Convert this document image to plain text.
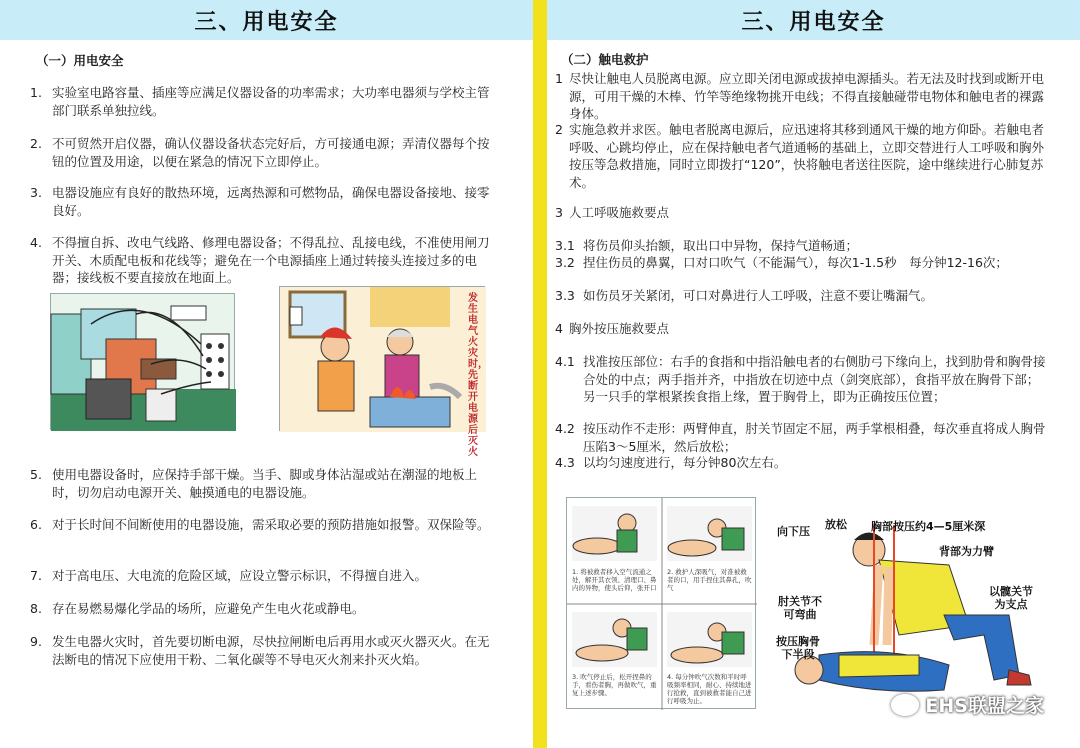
三、用电安全
（一）用电安全
1. 实验室电路容量、插座等应满足仪器设备的功率需求；大功率电器须与学校主管部门联系单独拉线。
2. 不可贸然开启仪器，确认仪器设备状态完好后，方可接通电源；弄清仪器每个按钮的位置及用途，以便在紧急的情况下立即停止。
3. 电器设施应有良好的散热环境，远离热源和可燃物品，确保电器设备接地、接零良好。
4. 不得擅自拆、改电气线路、修理电器设备；不得乱拉、乱接电线，不准使用闸刀开关、木质配电板和花线等；避免在一个电源插座上通过转接头连接过多的电器；接线板不要直接放在地面上。
发生电气火灾时，先断开电源后灭火
5. 使用电器设备时，应保持手部干燥。当手、脚或身体沾湿或站在潮湿的地板上时，切勿启动电源开关、触摸通电的电器设施。
6. 对于长时间不间断使用的电器设施，需采取必要的预防措施如报警。双保险等。
7. 对于高电压、大电流的危险区域，应设立警示标识，不得擅自进入。
8. 存在易燃易爆化学品的场所，应避免产生电火花或静电。
9. 发生电器火灾时，首先要切断电源，尽快拉闸断电后再用水或灭火器灭火。在无法断电的情况下应使用干粉、二氧化碳等不导电灭火剂来扑灭火焰。
三、用电安全
（二）触电救护
1 尽快让触电人员脱离电源。应立即关闭电源或拔掉电源插头。若无法及时找到或断开电源，可用干燥的木棒、竹竿等绝缘物挑开电线；不得直接触碰带电物体和触电者的裸露身体。
2 实施急救并求医。触电者脱离电源后，应迅速将其移到通风干燥的地方仰卧。若触电者呼吸、心跳均停止，应在保持触电者气道通畅的基础上，立即交替进行人工呼吸和胸外按压等急救措施，同时立即拨打“120”，快将触电者送往医院，途中继续进行心肺复苏术。
3 人工呼吸施救要点
3.1 将伤员仰头抬额，取出口中异物，保持气道畅通；
3.2 捏住伤员的鼻翼，口对口吹气（不能漏气），每次1-1.5秒　每分钟12-16次；
3.3 如伤员牙关紧闭，可口对鼻进行人工呼吸，注意不要让嘴漏气。
4 胸外按压施救要点
4.1 找准按压部位：右手的食指和中指沿触电者的右侧肋弓下缘向上，找到肋骨和胸骨接合处的中点；两手指并齐，中指放在切迹中点（剑突底部），食指平放在胸骨下部；另一只手的掌根紧挨食指上缘，置于胸骨上，即为正确按压位置；
4.2 按压动作不走形：两臂伸直，肘关节固定不屈，两手掌根相叠，每次垂直将成人胸骨压陷3～5厘米，然后放松；
4.3 以均匀速度进行，每分钟80次左右。
1. 将被救者移入空气流通之处，解开其衣领、清理口、鼻内的异物，使头后仰，张开口
2. 救护人深吸气，对准被救者的口，用手捏住其鼻孔，吹气
3. 吹气停止后，松开捏鼻的手，看伤者胸，再做吹气，重复上述步骤。
4. 每分钟吹气次数和平时呼吸频率相同，耐心、持续地进行抢救，直到被救者能自己进行呼吸为止。
放松
向下压	胸部按压约4—5厘米深
背部为力臂
以髋关节为支点
肘关节不可弯曲
按压胸骨下半段
EHS联盟之家
